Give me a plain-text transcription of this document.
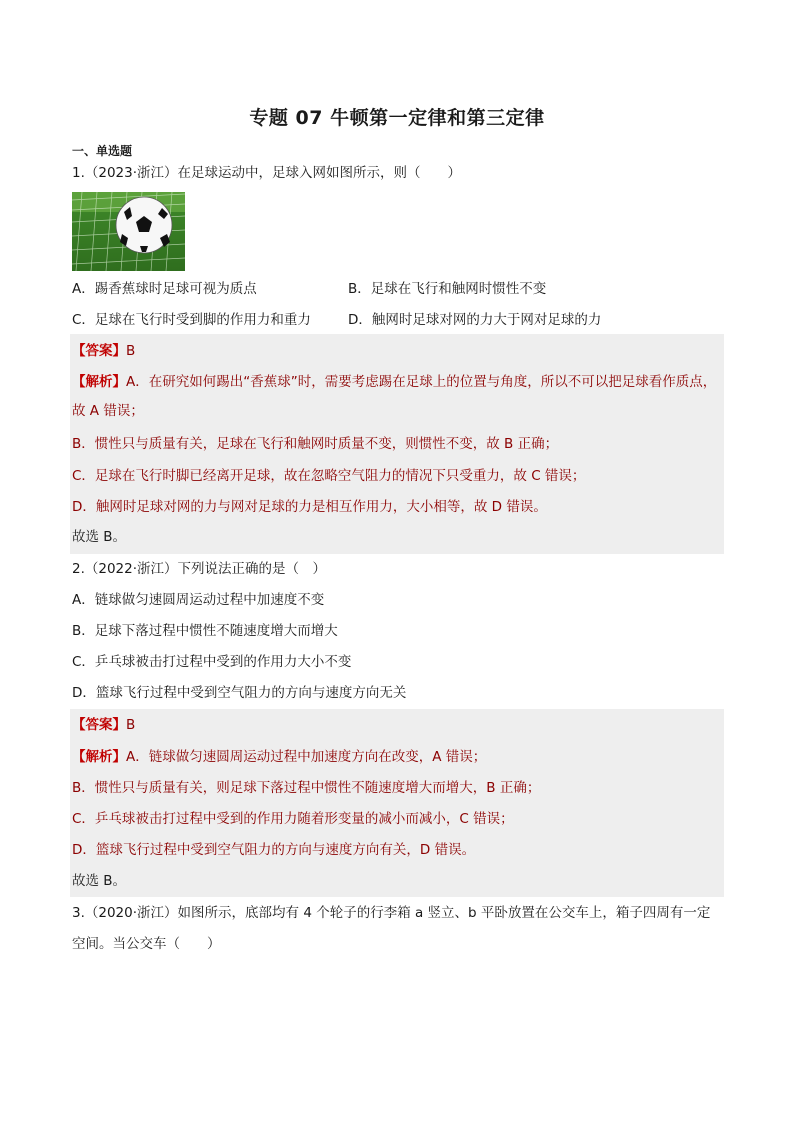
专题 07 牛顿第一定律和第三定律
一、单选题
1.（2023·浙江）在足球运动中，足球入网如图所示，则（　　）
A．踢香蕉球时足球可视为质点	B．足球在飞行和触网时惯性不变
C．足球在飞行时受到脚的作用力和重力	D．触网时足球对网的力大于网对足球的力
【答案】B
【解析】A．在研究如何踢出“香蕉球”时，需要考虑踢在足球上的位置与角度，所以不可以把足球看作质点，
故 A 错误；
B．惯性只与质量有关，足球在飞行和触网时质量不变，则惯性不变，故 B 正确；
C．足球在飞行时脚已经离开足球，故在忽略空气阻力的情况下只受重力，故 C 错误；
D．触网时足球对网的力与网对足球的力是相互作用力，大小相等，故 D 错误。
故选 B。
2.（2022·浙江）下列说法正确的是（　）
A．链球做匀速圆周运动过程中加速度不变
B．足球下落过程中惯性不随速度增大而增大
C．乒乓球被击打过程中受到的作用力大小不变
D．篮球飞行过程中受到空气阻力的方向与速度方向无关
【答案】B
【解析】A．链球做匀速圆周运动过程中加速度方向在改变，A 错误；
B．惯性只与质量有关，则足球下落过程中惯性不随速度增大而增大，B 正确；
C．乒乓球被击打过程中受到的作用力随着形变量的减小而减小，C 错误；
D．篮球飞行过程中受到空气阻力的方向与速度方向有关，D 错误。
故选 B。
3.（2020·浙江）如图所示，底部均有 4 个轮子的行李箱 a 竖立、b 平卧放置在公交车上，箱子四周有一定
空间。当公交车（　　）
